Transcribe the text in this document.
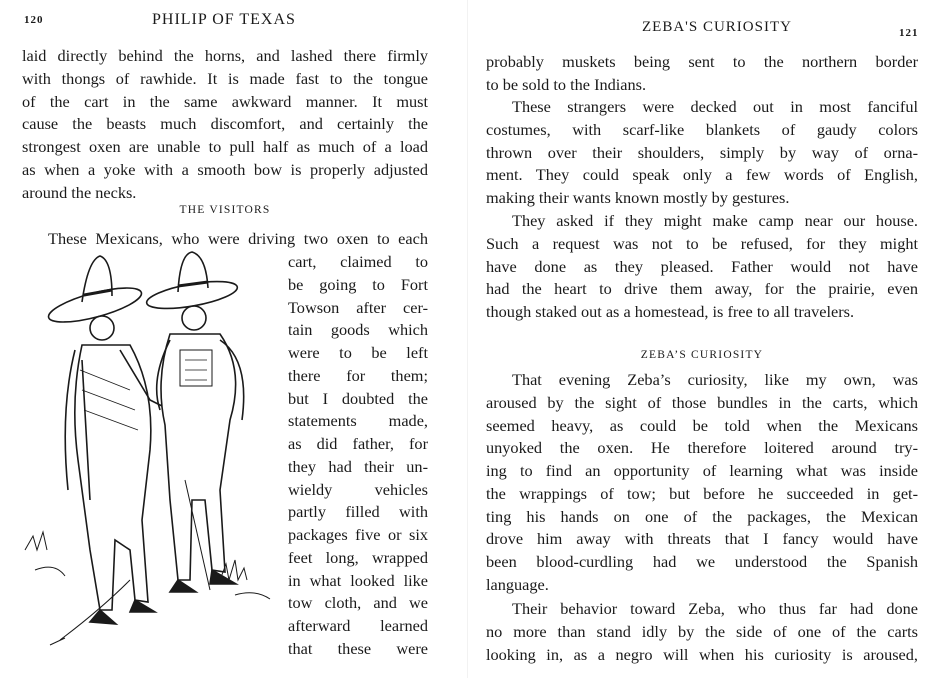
120	PHILIP OF TEXAS	ZEBA'S CURIOSITY	121
THE VISITORS
ZEBA’S CURIOSITY
laid directly behind the horns, and lashed there firmly
with thongs of rawhide. It is made fast to the tongue
of the cart in the same awkward manner. It must
cause the beasts much discomfort, and certainly the
strongest oxen are unable to pull half as much of a load
as when a yoke with a smooth bow is properly adjusted
around the necks.
These Mexicans, who were driving two oxen to each
cart, claimed to
be going to Fort
Towson after cer-
tain goods which
were to be left
there for them;
but I doubted the
statements made,
as did father, for
they had their un-
wieldy vehicles
partly filled with
packages five or six
feet long, wrapped
in what looked like
tow cloth, and we
afterward learned
that these were
probably muskets being sent to the northern border
to be sold to the Indians.
These strangers were decked out in most fanciful
costumes, with scarf-like blankets of gaudy colors
thrown over their shoulders, simply by way of orna-
ment. They could speak only a few words of English,
making their wants known mostly by gestures.
They asked if they might make camp near our house.
Such a request was not to be refused, for they might
have done as they pleased. Father would not have
had the heart to drive them away, for the prairie, even
though staked out as a homestead, is free to all travelers.
That evening Zeba’s curiosity, like my own, was
aroused by the sight of those bundles in the carts, which
seemed heavy, as could be told when the Mexicans
unyoked the oxen. He therefore loitered around try-
ing to find an opportunity of learning what was inside
the wrappings of tow; but before he succeeded in get-
ting his hands on one of the packages, the Mexican
drove him away with threats that I fancy would have
been blood-curdling had we understood the Spanish
language.
Their behavior toward Zeba, who thus far had done
no more than stand idly by the side of one of the carts
looking in, as a negro will when his curiosity is aroused,
